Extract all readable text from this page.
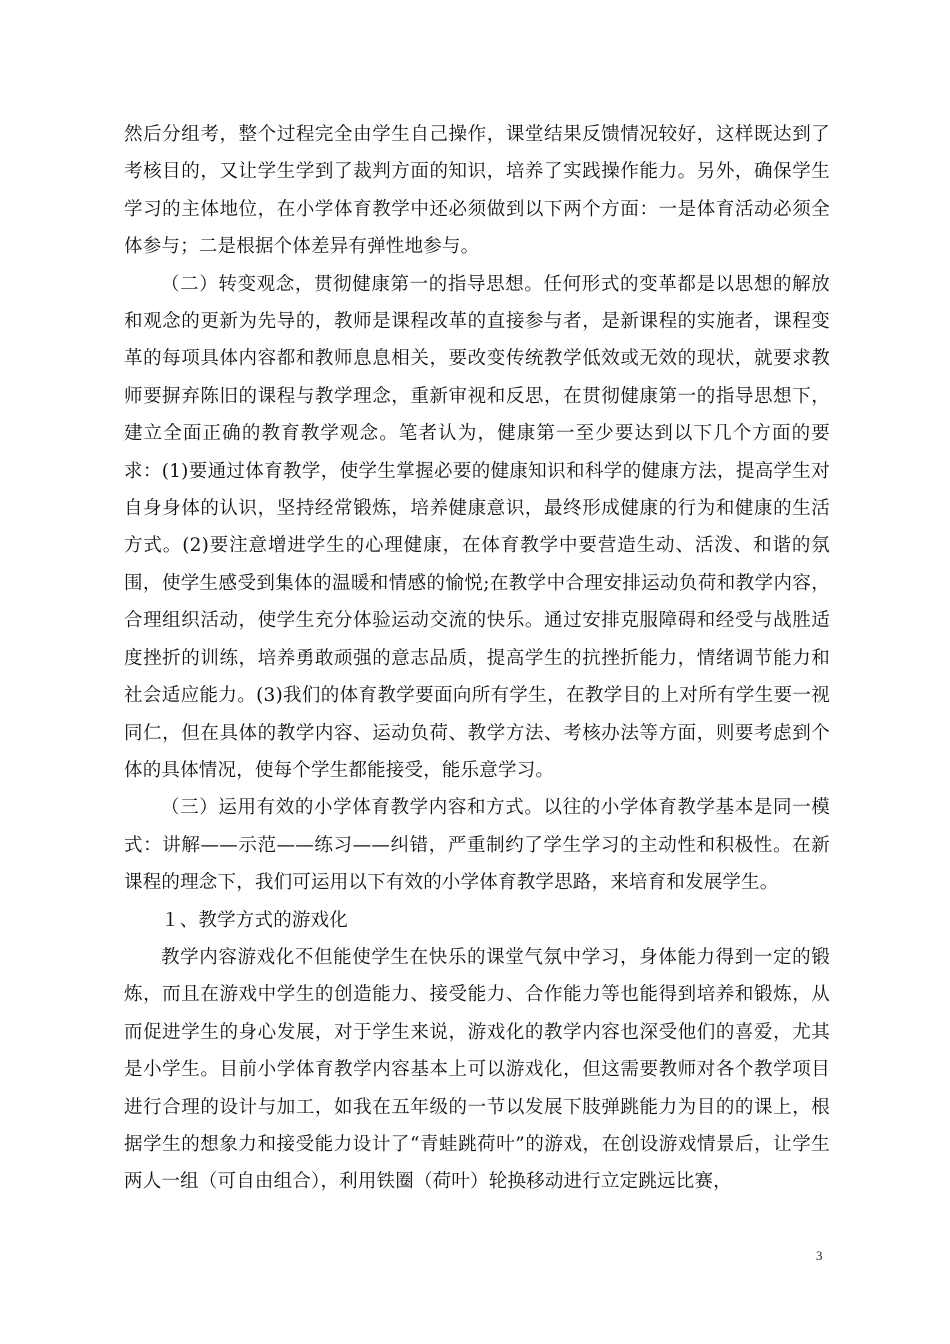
然后分组考，整个过程完全由学生自己操作，课堂结果反馈情况较好，这样既达到了考核目的，又让学生学到了裁判方面的知识，培养了实践操作能力。另外，确保学生学习的主体地位，在小学体育教学中还必须做到以下两个方面：一是体育活动必须全体参与；二是根据个体差异有弹性地参与。

（二）转变观念，贯彻健康第一的指导思想。任何形式的变革都是以思想的解放和观念的更新为先导的，教师是课程改革的直接参与者，是新课程的实施者，课程变革的每项具体内容都和教师息息相关，要改变传统教学低效或无效的现状，就要求教师要摒弃陈旧的课程与教学理念，重新审视和反思，在贯彻健康第一的指导思想下，建立全面正确的教育教学观念。笔者认为，健康第一至少要达到以下几个方面的要求：(1)要通过体育教学，使学生掌握必要的健康知识和科学的健康方法，提高学生对自身身体的认识，坚持经常锻炼，培养健康意识，最终形成健康的行为和健康的生活方式。(2)要注意增进学生的心理健康，在体育教学中要营造生动、活泼、和谐的氛围，使学生感受到集体的温暖和情感的愉悦;在教学中合理安排运动负荷和教学内容，合理组织活动，使学生充分体验运动交流的快乐。通过安排克服障碍和经受与战胜适度挫折的训练，培养勇敢顽强的意志品质，提高学生的抗挫折能力，情绪调节能力和社会适应能力。(3)我们的体育教学要面向所有学生，在教学目的上对所有学生要一视同仁，但在具体的教学内容、运动负荷、教学方法、考核办法等方面，则要考虑到个体的具体情况，使每个学生都能接受，能乐意学习。

（三）运用有效的小学体育教学内容和方式。以往的小学体育教学基本是同一模式：讲解——示范——练习——纠错，严重制约了学生学习的主动性和积极性。在新课程的理念下，我们可运用以下有效的小学体育教学思路，来培育和发展学生。

１、教学方式的游戏化

教学内容游戏化不但能使学生在快乐的课堂气氛中学习，身体能力得到一定的锻炼，而且在游戏中学生的创造能力、接受能力、合作能力等也能得到培养和锻炼，从而促进学生的身心发展，对于学生来说，游戏化的教学内容也深受他们的喜爱，尤其是小学生。目前小学体育教学内容基本上可以游戏化，但这需要教师对各个教学项目进行合理的设计与加工，如我在五年级的一节以发展下肢弹跳能力为目的的课上，根据学生的想象力和接受能力设计了“青蛙跳荷叶”的游戏，在创设游戏情景后，让学生两人一组（可自由组合），利用铁圈（荷叶）轮换移动进行立定跳远比赛，

3
